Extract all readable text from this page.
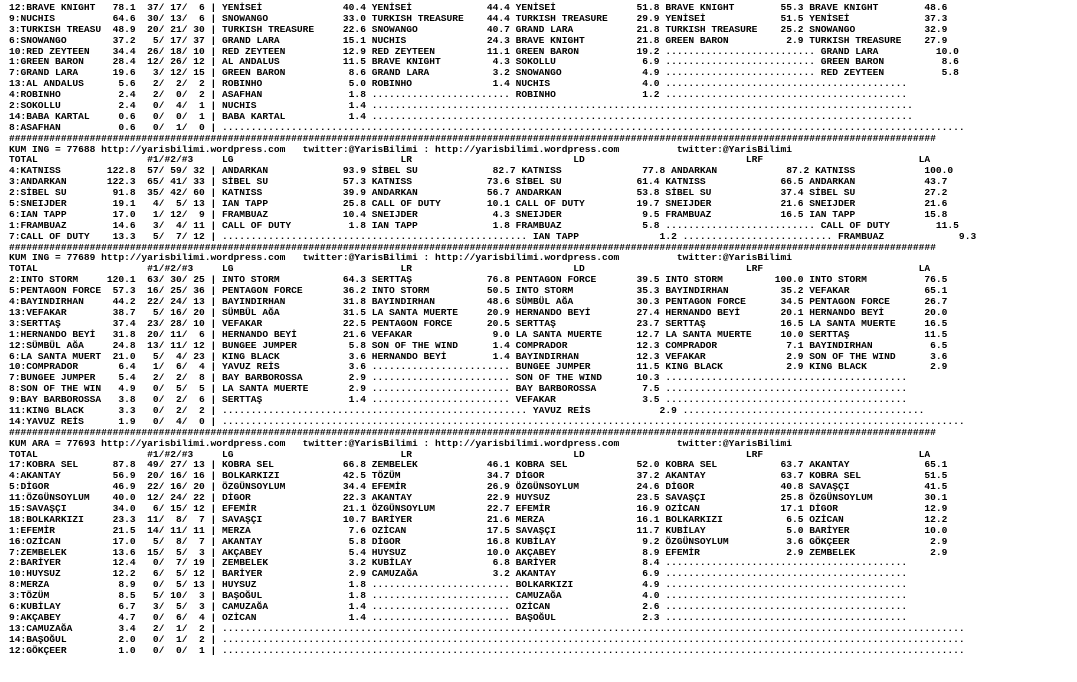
12:BRAVE KNIGHT   78.1  37/ 17/  6 | YENİSEİ              40.4 YENİSEİ             44.4 YENİSEİ              51.8 BRAVE KNIGHT        55.3 BRAVE KNIGHT        48.6
9:NUCHIS          64.6  30/ 13/  6 | SNOWANGO             33.0 TURKISH TREASURE    44.4 TURKISH TREASURE     29.9 YENİSEİ             51.5 YENİSEİ             37.3
3:TURKISH TREASU  48.9  20/ 21/ 30 | TURKISH TREASURE     22.6 SNOWANGO            40.7 GRAND LARA           21.8 TURKISH TREASURE    25.2 SNOWANGO            32.9
6:SNOWANGO        37.2   5/ 17/ 37 | GRAND LARA           15.1 NUCHIS              24.3 BRAVE KNIGHT         21.8 GREEN BARON          2.9 TURKISH TREASURE    27.9
10:RED ZEYTEEN    34.4  26/ 18/ 10 | RED ZEYTEEN          12.9 RED ZEYTEEN         11.1 GREEN BARON          19.2 .......................... GRAND LARA          10.0
1:GREEN BARON     28.4  12/ 26/ 12 | AL ANDALUS           11.5 BRAVE KNIGHT         4.3 SOKOLLU               6.9 .......................... GREEN BARON          8.6
7:GRAND LARA      19.6   3/ 12/ 15 | GREEN BARON           8.6 GRAND LARA           3.2 SNOWANGO              4.9 .......................... RED ZEYTEEN          5.8
13:AL ANDALUS      5.6   2/  2/  2 | ROBINHO               5.0 ROBINHO              1.4 NUCHIS                4.0 ..........................................
4:ROBINHO          2.4   2/  0/  2 | ASAFHAN               1.8 ........................ ROBINHO               1.2 ..........................................
2:SOKOLLU          2.4   0/  4/  1 | NUCHIS                1.4 ..............................................................................................
14:BABA KARTAL     0.6   0/  0/  1 | BABA KARTAL           1.4 ..............................................................................................
8:ASAFHAN          0.6   0/  1/  0 | .................................................................................................................................
#################################################################################################################################################################
KUM ING = 77688 http://yarisbilimi.wordpress.com   twitter:@YarisBilimi : http://yarisbilimi.wordpress.com          twitter:@YarisBilimi
TOTAL                   #1/#2/#3     LG                             LR                            LD                            LRF                           LA
4:KATNISS        122.8  57/ 59/ 32 | ANDARKAN             93.9 SİBEL SU             82.7 KATNISS              77.8 ANDARKAN            87.2 KATNISS            100.0
3:ANDARKAN       122.3  65/ 41/ 33 | SİBEL SU             57.3 KATNISS             73.6 SİBEL SU             61.4 KATNISS             66.5 ANDARKAN            43.7
2:SİBEL SU        91.8  35/ 42/ 60 | KATNISS              39.9 ANDARKAN            56.7 ANDARKAN             53.8 SİBEL SU            37.4 SİBEL SU            27.2
5:SNEIJDER        19.1   4/  5/ 13 | IAN TAPP             25.8 CALL OF DUTY        10.1 CALL OF DUTY         19.7 SNEIJDER            21.6 SNEIJDER            21.6
6:IAN TAPP        17.0   1/ 12/  9 | FRAMBUAZ             10.4 SNEIJDER             4.3 SNEIJDER              9.5 FRAMBUAZ            16.5 IAN TAPP            15.8
1:FRAMBUAZ        14.6   3/  4/ 11 | CALL OF DUTY          1.8 IAN TAPP             1.8 FRAMBUAZ              5.8 .......................... CALL OF DUTY        11.5
7:CALL OF DUTY    13.3   5/  7/ 12 | ..................................................... IAN TAPP              1.2 .......................... FRAMBUAZ             9.3
#################################################################################################################################################################
KUM ING = 77689 http://yarisbilimi.wordpress.com   twitter:@YarisBilimi : http://yarisbilimi.wordpress.com          twitter:@YarisBilimi
TOTAL                   #1/#2/#3     LG                             LR                            LD                            LRF                           LA
2:INTO STORM     120.1  63/ 30/ 25 | INTO STORM           64.3 SERTTAŞ             76.8 PENTAGON FORCE       39.5 INTO STORM         100.0 INTO STORM          76.5
5:PENTAGON FORCE  57.3  16/ 25/ 36 | PENTAGON FORCE       36.2 INTO STORM          50.5 INTO STORM           35.3 BAYINDIRHAN         35.2 VEFAKAR             65.1
4:BAYINDIRHAN     44.2  22/ 24/ 13 | BAYINDIRHAN          31.8 BAYINDIRHAN         48.6 SÜMBÜL AĞA           30.3 PENTAGON FORCE      34.5 PENTAGON FORCE      26.7
13:VEFAKAR        38.7   5/ 16/ 20 | SÜMBÜL AĞA           31.5 LA SANTA MUERTE     20.9 HERNANDO BEYİ        27.4 HERNANDO BEYİ       20.1 HERNANDO BEYİ       20.0
3:SERTTAŞ         37.4  23/ 28/ 10 | VEFAKAR              22.5 PENTAGON FORCE      20.5 SERTTAŞ              23.7 SERTTAŞ             16.5 LA SANTA MUERTE     16.5
1:HERNANDO BEYİ   31.8  20/ 11/  6 | HERNANDO BEYİ        21.6 VEFAKAR              9.0 LA SANTA MUERTE      12.7 LA SANTA MUERTE     10.0 SERTTAŞ             11.5
12:SÜMBÜL AĞA     24.8  13/ 11/ 12 | BUNGEE JUMPER         5.8 SON OF THE WIND      1.4 COMPRADOR            12.3 COMPRADOR            7.1 BAYINDIRHAN          6.5
6:LA SANTA MUERT  21.0   5/  4/ 23 | KING BLACK            3.6 HERNANDO BEYİ        1.4 BAYINDIRHAN          12.3 VEFAKAR              2.9 SON OF THE WIND      3.6
10:COMPRADOR       6.4   1/  6/  4 | YAVUZ REİS            3.6 ........................ BUNGEE JUMPER        11.5 KING BLACK           2.9 KING BLACK           2.9
7:BUNGEE JUMPER    5.4   2/  2/  8 | BAY BARBOROSSA        2.9 ........................ SON OF THE WIND      10.3 ..........................................
8:SON OF THE WIN   4.9   0/  5/  5 | LA SANTA MUERTE       2.9 ........................ BAY BARBOROSSA        7.5 ..........................................
9:BAY BARBOROSSA   3.8   0/  2/  6 | SERTTAŞ               1.4 ........................ VEFAKAR               3.5 ..........................................
11:KING BLACK      3.3   0/  2/  2 | ..................................................... YAVUZ REİS            2.9 ..........................................
14:YAVUZ REİS      1.9   0/  4/  0 | .................................................................................................................................
#################################################################################################################################################################
KUM ARA = 77693 http://yarisbilimi.wordpress.com   twitter:@YarisBilimi : http://yarisbilimi.wordpress.com          twitter:@YarisBilimi
TOTAL                   #1/#2/#3     LG                             LR                            LD                            LRF                           LA
17:KOBRA SEL      87.8  49/ 27/ 13 | KOBRA SEL            66.8 ZEMBELEK            46.1 KOBRA SEL            52.0 KOBRA SEL           63.7 AKANTAY             65.1
4:AKANTAY         56.9  20/ 16/ 16 | BOLKARKIZI           42.5 TÖZÜM               34.7 DİGOR                37.2 AKANTAY             63.7 KOBRA SEL           51.5
5:DİGOR           46.9  22/ 16/ 20 | ÖZGÜNSOYLUM          34.4 EFEMİR              26.9 ÖZGÜNSOYLUM          24.6 DİGOR               40.8 SAVAŞÇI             41.5
11:ÖZGÜNSOYLUM    40.0  12/ 24/ 22 | DİGOR                22.3 AKANTAY             22.9 HUYSUZ               23.5 SAVAŞÇI             25.8 ÖZGÜNSOYLUM         30.1
15:SAVAŞÇI        34.0   6/ 15/ 12 | EFEMİR               21.1 ÖZGÜNSOYLUM         22.7 EFEMİR               16.9 OZİCAN              17.1 DİGOR               12.9
18:BOLKARKIZI     23.3  11/  8/  7 | SAVAŞÇI              10.7 BARİYER             21.6 MERZA                16.1 BOLKARKIZI           6.5 OZİCAN              12.2
1:EFEMİR          21.5  14/ 11/ 11 | MERZA                 7.6 OZİCAN              17.5 SAVAŞÇI              11.7 KUBİLAY              5.0 BARİYER             10.0
16:OZİCAN         17.0   5/  8/  7 | AKANTAY               5.8 DİGOR               16.8 KUBİLAY               9.2 ÖZGÜNSOYLUM          3.6 GÖKÇEER              2.9
7:ZEMBELEK        13.6  15/  5/  3 | AKÇABEY               5.4 HUYSUZ              10.0 AKÇABEY               8.9 EFEMİR               2.9 ZEMBELEK             2.9
2:BARİYER         12.4   0/  7/ 19 | ZEMBELEK              3.2 KUBİLAY              6.8 BARİYER               8.4 ..........................................
10:HUYSUZ         12.2   6/  5/ 12 | BARİYER               2.9 CAMUZAĞA             3.2 AKANTAY               6.9 ..........................................
8:MERZA            8.9   0/  5/ 13 | HUYSUZ                1.8 ........................ BOLKARKIZI            4.9 ..........................................
3:TÖZÜM            8.5   5/ 10/  3 | BAŞOĞUL               1.8 ........................ CAMUZAĞA              4.0 ..........................................
6:KUBİLAY          6.7   3/  5/  3 | CAMUZAĞA              1.4 ........................ OZİCAN                2.6 ..........................................
9:AKÇABEY          4.7   0/  6/  4 | OZİCAN                1.4 ........................ BAŞOĞUL               2.3 ..........................................
13:CAMUZAĞA        3.4   2/  1/  2 | .................................................................................................................................
14:BAŞOĞUL         2.0   0/  1/  2 | .................................................................................................................................
12:GÖKÇEER         1.0   0/  0/  1 | .................................................................................................................................
